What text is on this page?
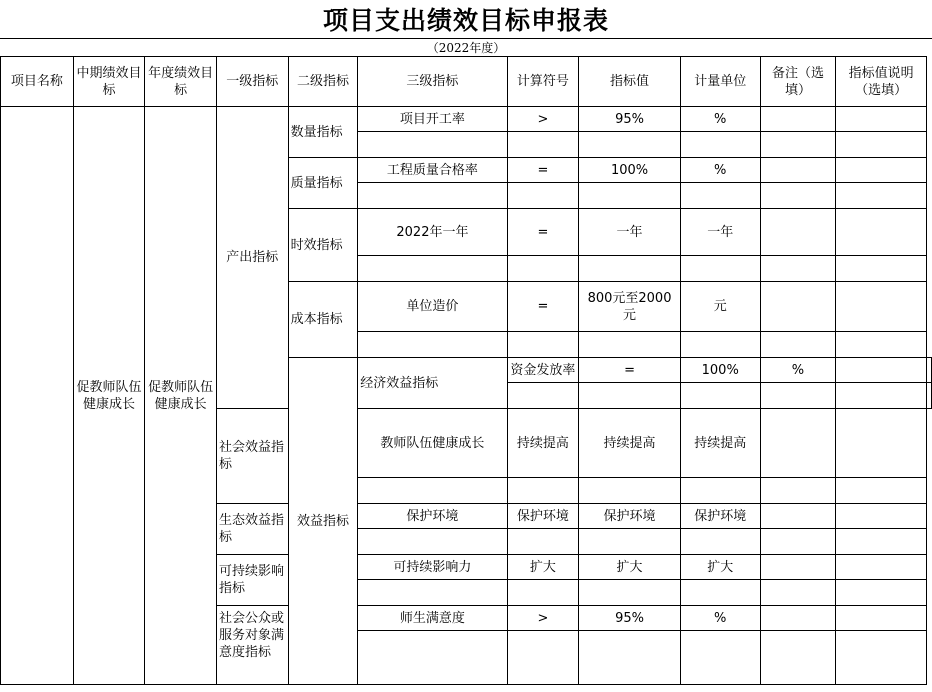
项目支出绩效目标申报表
（2022年度）
项目名称	中期绩效目标	年度绩效目标	一级指标	二级指标	三级指标	计算符号	指标值	计量单位	备注（选填）	指标值说明（选填）	
	促教师队伍健康成长	促教师队伍健康成长	产出指标	数量指标	项目开工率	>	95%	%			

				质量指标	工程质量合格率	=	100%	%			

				时效指标	2022年一年	=	一年	一年			

				成本指标	单位造价	=	800元至2000元	元			

				效益指标	经济效益指标	资金发放率	=	100%	%		

			社会效益指标		教师队伍健康成长	持续提高	持续提高	持续提高			

			生态效益指标		保护环境	保护环境	保护环境	保护环境			

			可持续影响指标		可持续影响力	扩大	扩大	扩大			

			社会公众或服务对象满意度指标		师生满意度	>	95%	%			
